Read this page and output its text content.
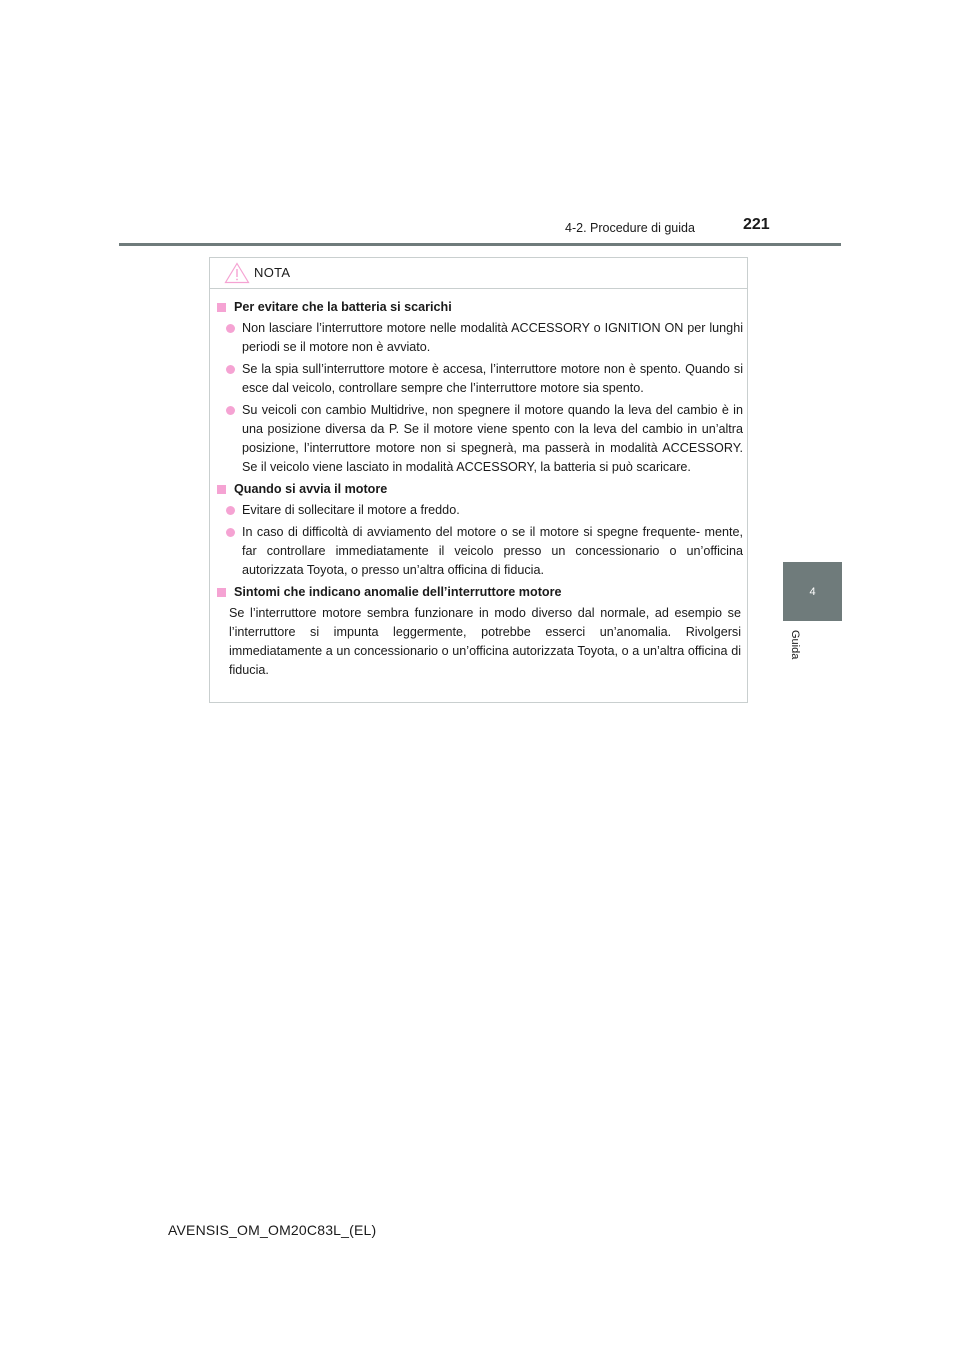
4-2. Procedure di guida	221
4
Guida
NOTA
Per evitare che la batteria si scarichi
Non lasciare l’interruttore motore nelle modalità ACCESSORY o IGNITION ON per lunghi periodi se il motore non è avviato.
Se la spia sull’interruttore motore è accesa, l’interruttore motore non è spento. Quando si esce dal veicolo, controllare sempre che l’interruttore motore sia spento.
Su veicoli con cambio Multidrive, non spegnere il motore quando la leva del cambio è in una posizione diversa da P. Se il motore viene spento con la leva del cambio in un’altra posizione, l’interruttore motore non si spegnerà, ma passerà in modalità ACCESSORY. Se il veicolo viene lasciato in modalità ACCESSORY, la batteria si può scaricare.
Quando si avvia il motore
Evitare di sollecitare il motore a freddo.
In caso di difficoltà di avviamento del motore o se il motore si spegne frequente- mente, far controllare immediatamente il veicolo presso un concessionario o un’officina autorizzata Toyota, o presso un’altra officina di fiducia.
Sintomi che indicano anomalie dell’interruttore motore
Se l’interruttore motore sembra funzionare in modo diverso dal normale, ad esempio se l’interruttore si impunta leggermente, potrebbe esserci un’anomalia. Rivolgersi immediatamente a un concessionario o un’officina autorizzata Toyota, o a un’altra officina di fiducia.
AVENSIS_OM_OM20C83L_(EL)
